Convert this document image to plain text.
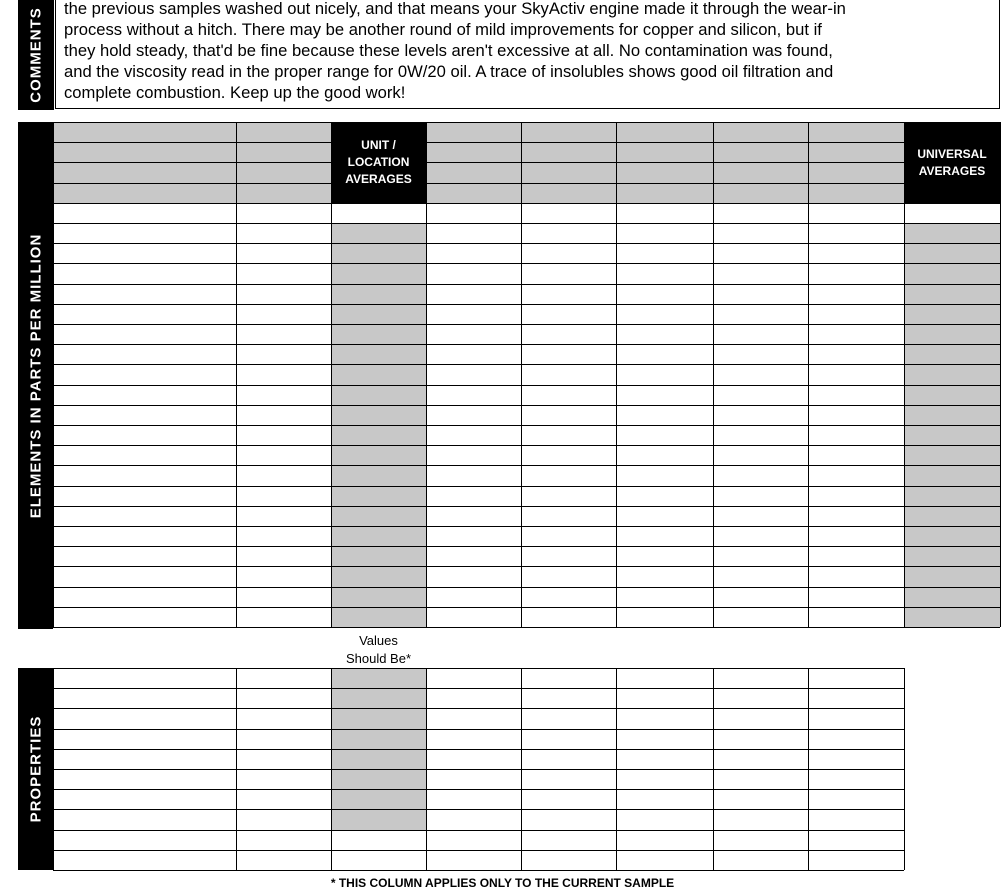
COMMENTS the previous samples washed out nicely, and that means your SkyActiv engine made it through the wear-in
process without a hitch. There may be another round of mild improvements for copper and silicon, but if
they hold steady, that'd be fine because these levels aren't excessive at all. No contamination was found,
and the viscosity read in the proper range for 0W/20 oil. A trace of insolubles shows good oil filtration and
complete combustion. Keep up the good work!
ELEMENTS IN PARTS PER MILLION
PROPERTIES
UNIT /
LOCATION
AVERAGES
UNIVERSAL
AVERAGES
Values
Should Be*
* THIS COLUMN APPLIES ONLY TO THE CURRENT SAMPLE
